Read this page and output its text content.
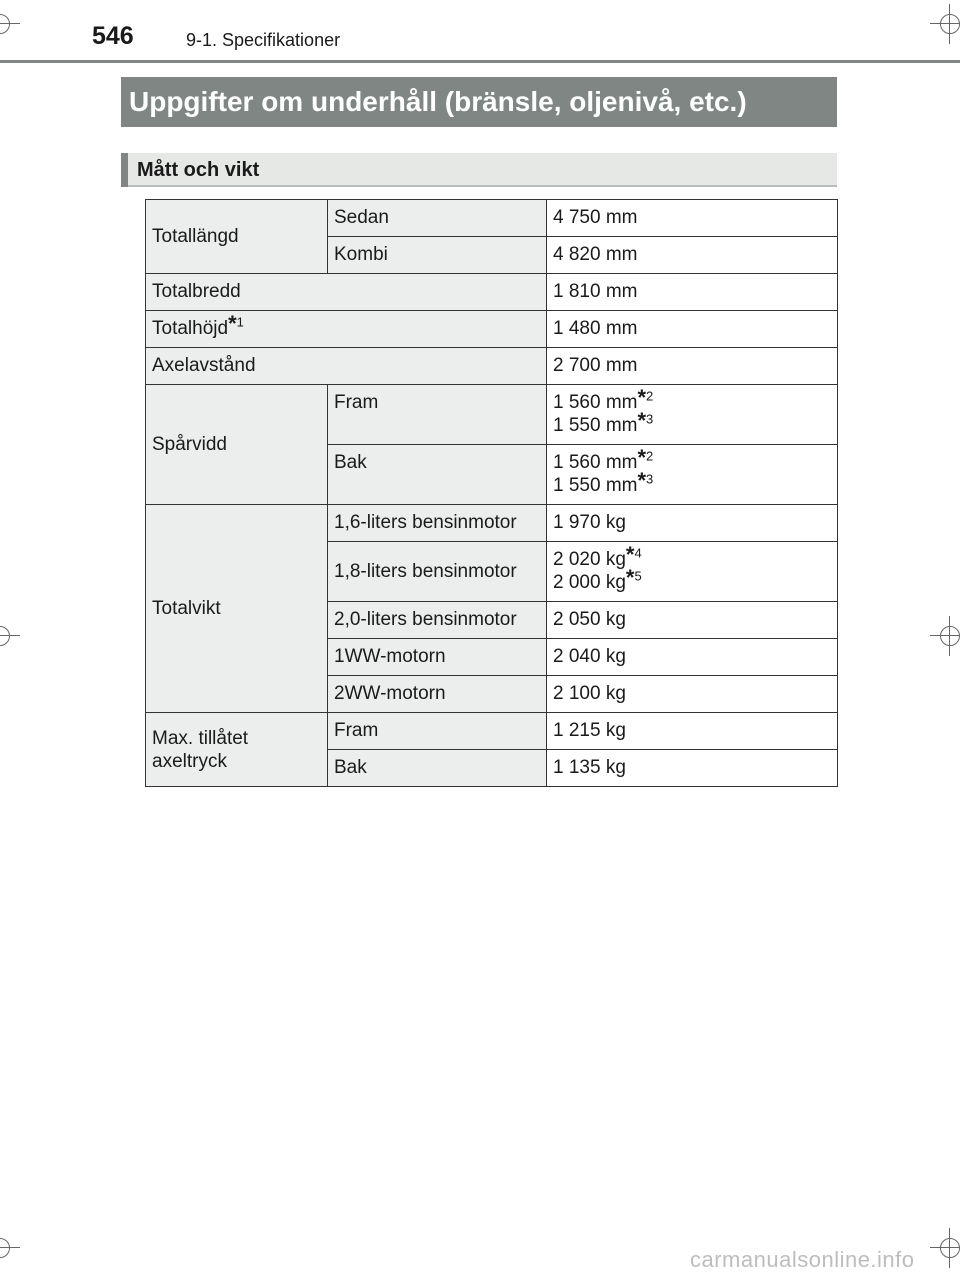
546	9-1. Specifikationer
Uppgifter om underhåll (bränsle, oljenivå, etc.)
Mått och vikt
Totallängd	Sedan	4 750 mm
	Kombi	4 820 mm
Totalbredd		1 810 mm
Totalhöjd*$^1$		1 480 mm
Axelavstånd		2 700 mm
Spårvidd	Fram	1 560 mm*$^2$
1 550 mm*$^3$

	Bak	1 560 mm*$^2$
1 550 mm*$^3$

Totalvikt	1,6-liters bensinmotor	1 970 kg
	1,8-liters bensinmotor	2 020 kg*$^4$
2 000 kg*$^5$

	2,0-liters bensinmotor	2 050 kg
	1WW-motorn	2 040 kg
	2WW-motorn	2 100 kg

Max. tillåtet
axeltryck	Fram	1 215 kg
	Bak	1 135 kg
carmanualsonline.info
